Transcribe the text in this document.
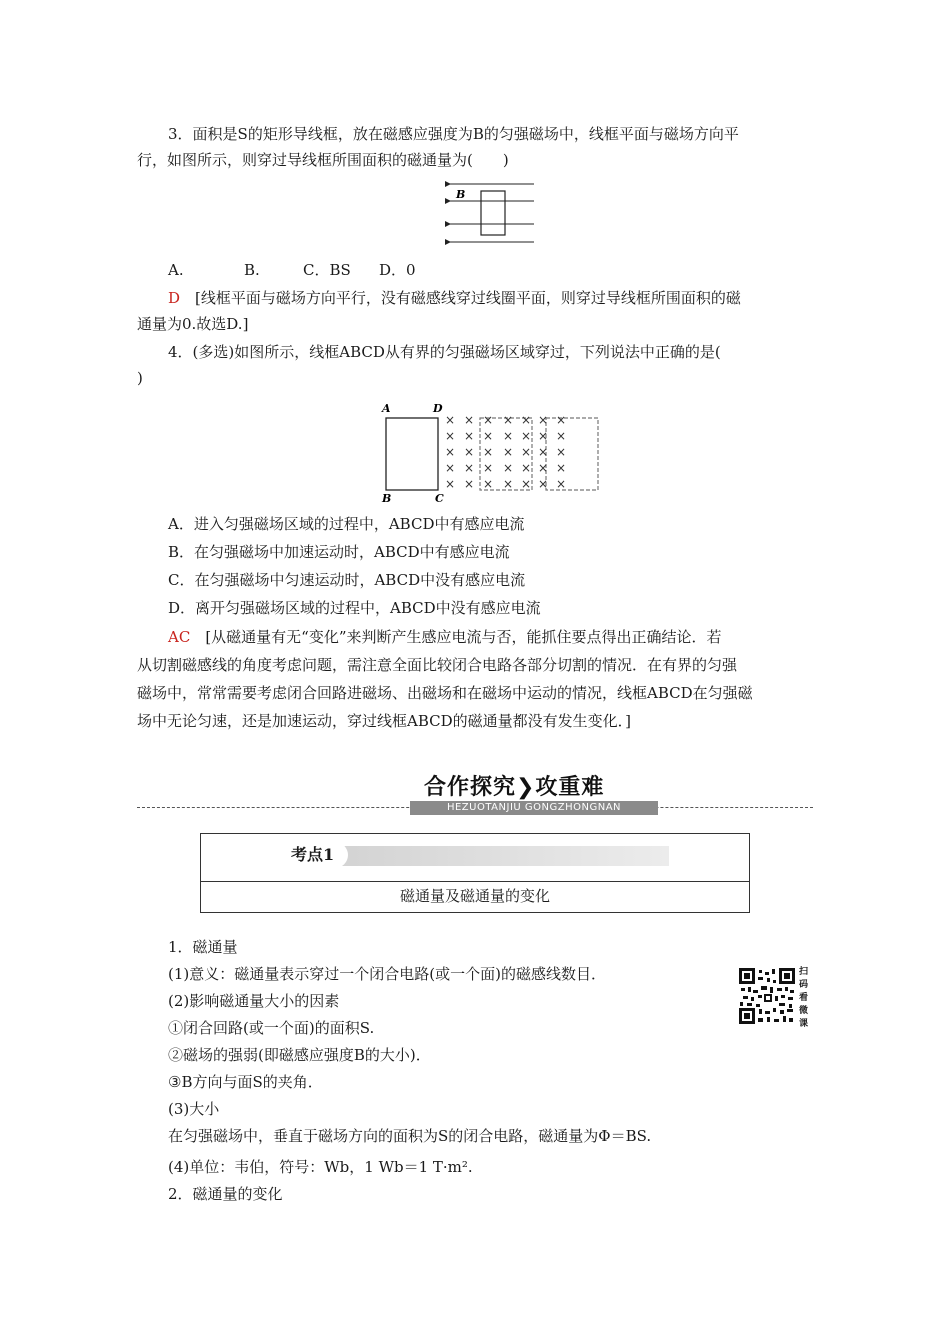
3．面积是S的矩形导线框，放在磁感应强度为B的匀强磁场中，线框平面与磁场方向平
行，如图所示，则穿过导线框所围面积的磁通量为(　　)
B
A.	B.	C．BS D．0
D　 [线框平面与磁场方向平行，没有磁感线穿过线圈平面，则穿过导线框所围面积的磁
通量为0.故选D.]
4．(多选)如图所示，线框ABCD从有界的匀强磁场区域穿过，下列说法中正确的是(
)
A	D
B	C
× × × × × × ×
× × × × × × ×
× × × × × × ×
× × × × × × ×
× × × × × × ×
A．进入匀强磁场区域的过程中，ABCD中有感应电流
B．在匀强磁场中加速运动时，ABCD中有感应电流
C．在匀强磁场中匀速运动时，ABCD中没有感应电流
D．离开匀强磁场区域的过程中，ABCD中没有感应电流
AC　 [从磁通量有无“变化”来判断产生感应电流与否，能抓住要点得出正确结论．若
从切割磁感线的角度考虑问题，需注意全面比较闭合电路各部分切割的情况．在有界的匀强
磁场中，常常需要考虑闭合回路进磁场、出磁场和在磁场中运动的情况，线框ABCD在匀强磁
场中无论匀速，还是加速运动，穿过线框ABCD的磁通量都没有发生变化．]
HEZUOTANJIU GONGZHONGNAN
合作探究❯攻重难
考点1
磁通量及磁通量的变化
1．磁通量
(1)意义：磁通量表示穿过一个闭合电路(或一个面)的磁感线数目．
(2)影响磁通量大小的因素
①闭合回路(或一个面)的面积S.
②磁场的强弱(即磁感应强度B的大小)．
③B方向与面S的夹角．
(3)大小
在匀强磁场中，垂直于磁场方向的面积为S的闭合电路，磁通量为Φ＝BS.
(4)单位：韦伯，符号：Wb，1 Wb＝1 T·m².
2．磁通量的变化
扫码看微课
